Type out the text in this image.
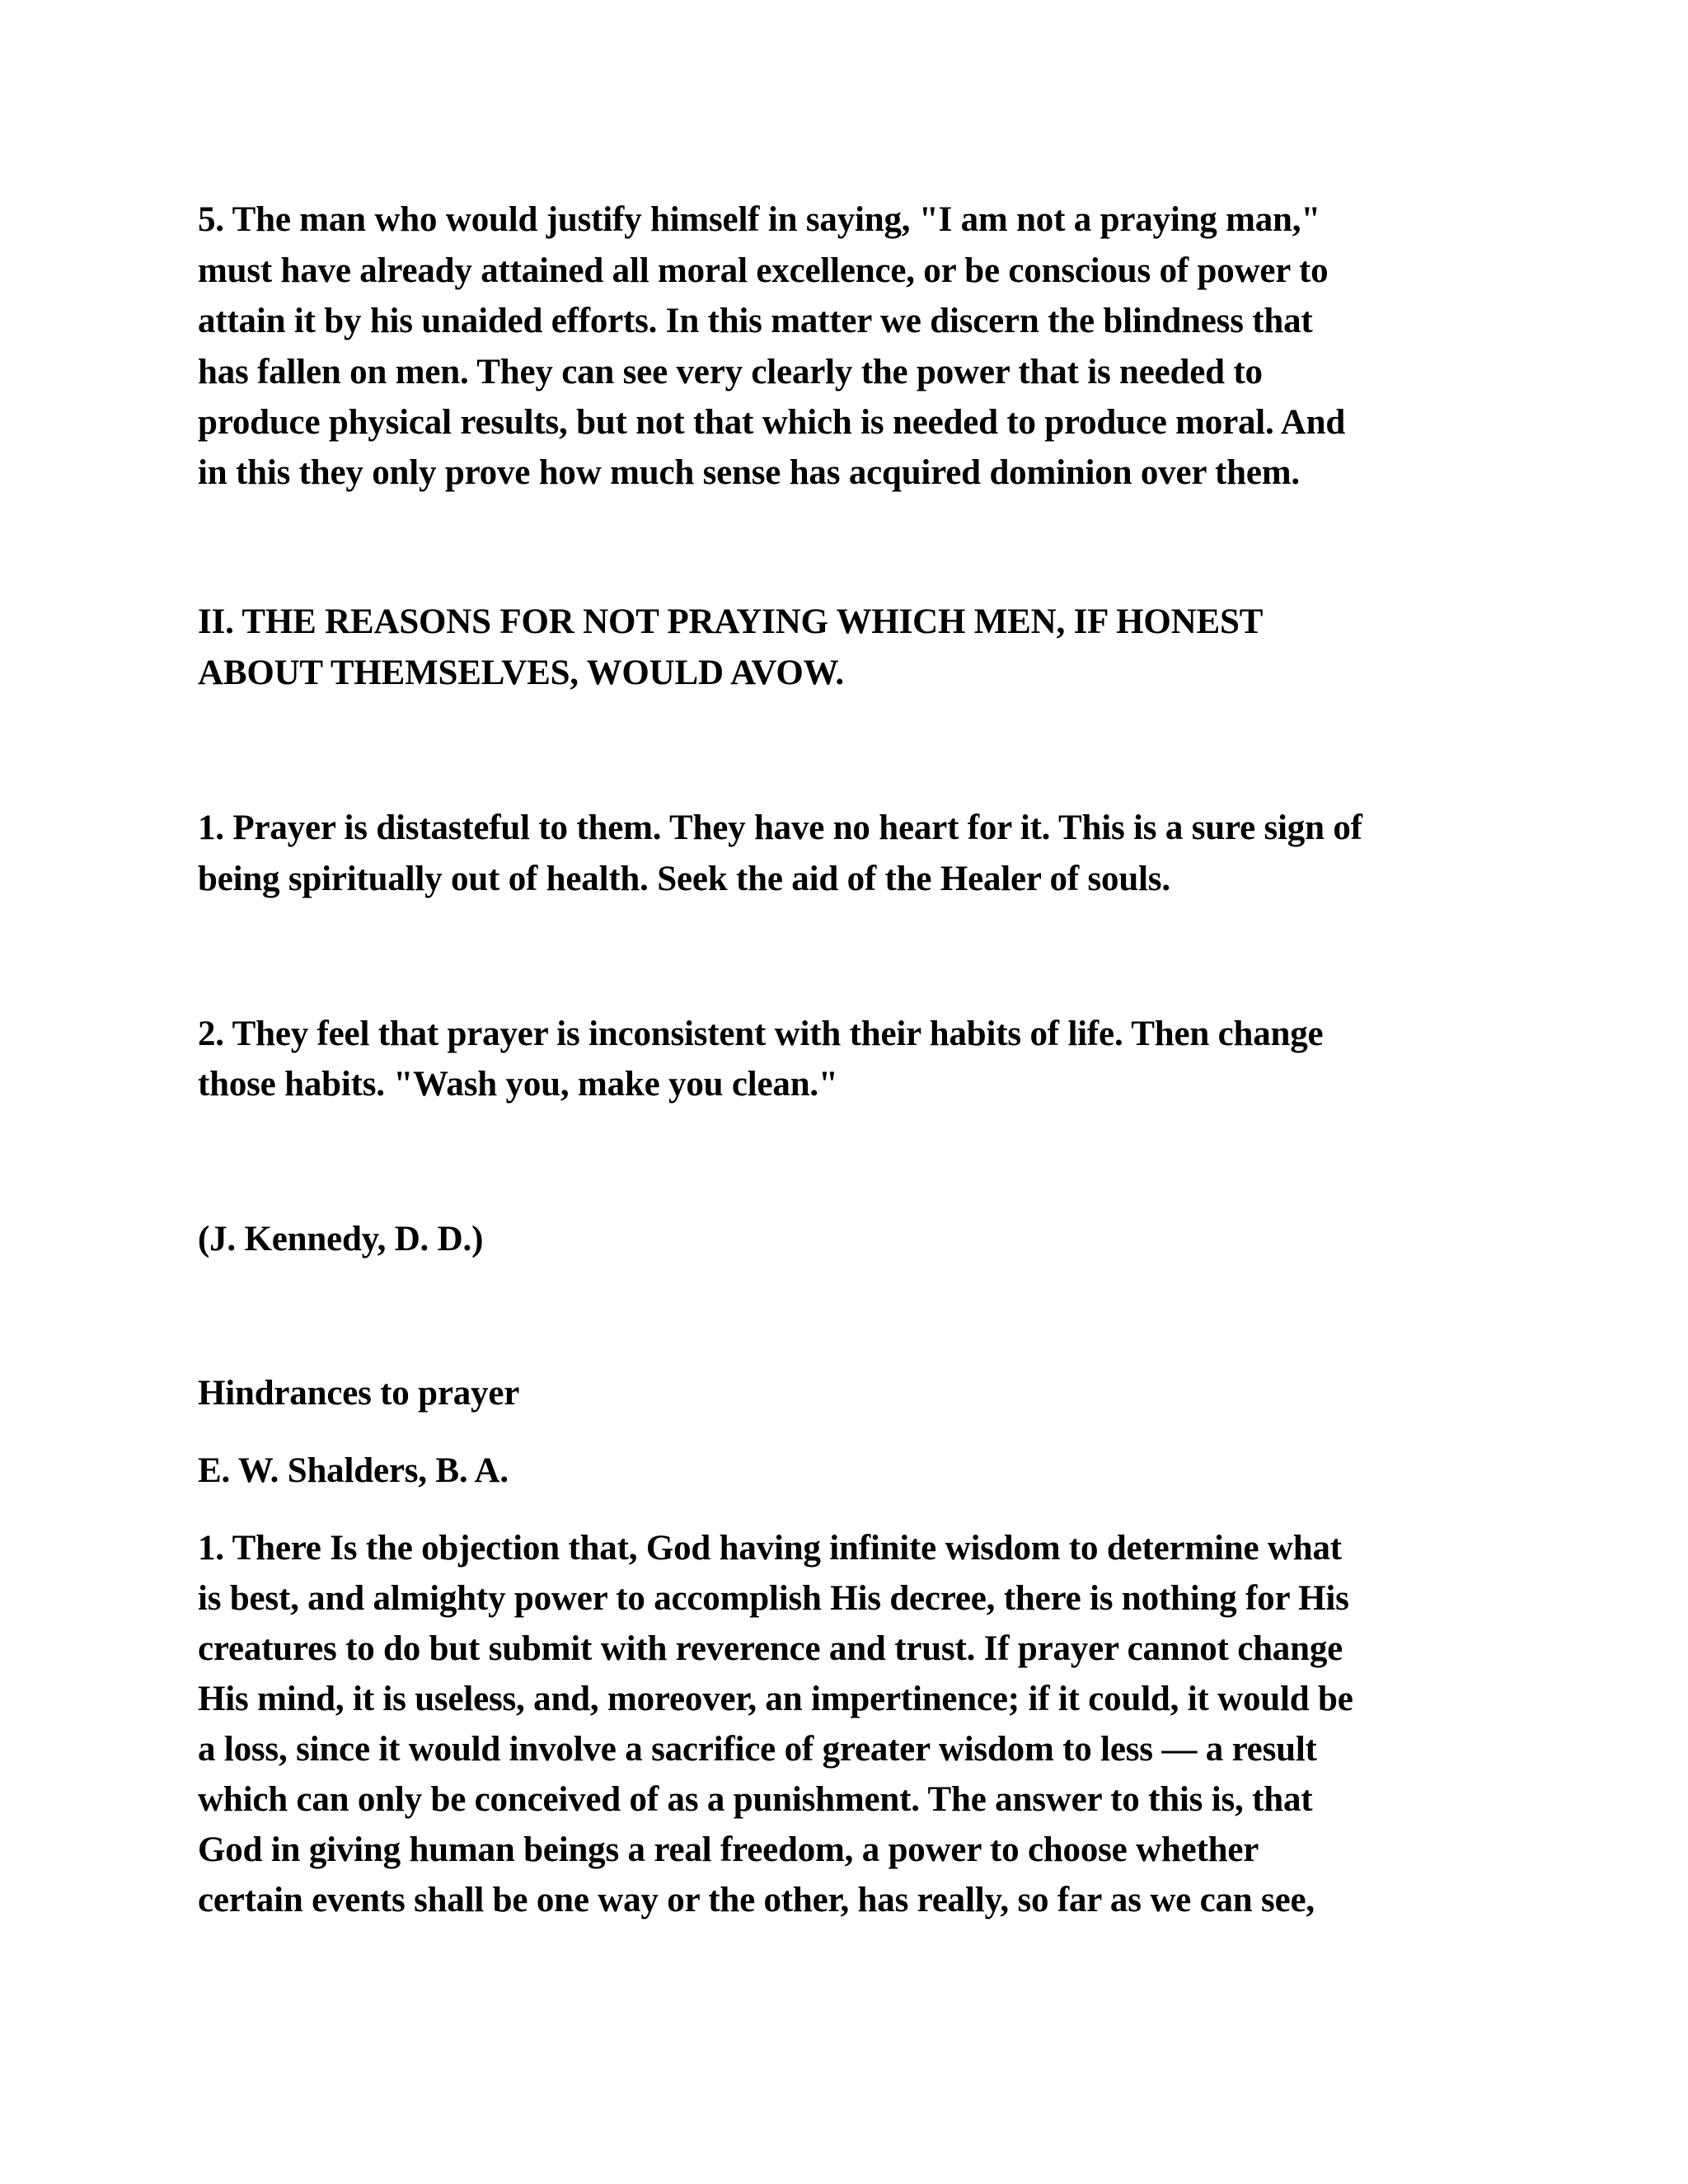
5. The man who would justify himself in saying, "I am not a praying man,"

must have already attained all moral excellence, or be conscious of power to

attain it by his unaided efforts. In this matter we discern the blindness that

has fallen on men. They can see very clearly the power that is needed to

produce physical results, but not that which is needed to produce moral. And

in this they only prove how much sense has acquired dominion over them.

II. THE REASONS FOR NOT PRAYING WHICH MEN, IF HONEST

ABOUT THEMSELVES, WOULD AVOW.

1. Prayer is distasteful to them. They have no heart for it. This is a sure sign of

being spiritually out of health. Seek the aid of the Healer of souls.

2. They feel that prayer is inconsistent with their habits of life. Then change

those habits. "Wash you, make you clean."

(J. Kennedy, D. D.)

Hindrances to prayer

E. W. Shalders, B. A.

1. There Is the objection that, God having infinite wisdom to determine what

is best, and almighty power to accomplish His decree, there is nothing for His

creatures to do but submit with reverence and trust. If prayer cannot change

His mind, it is useless, and, moreover, an impertinence; if it could, it would be

a loss, since it would involve a sacrifice of greater wisdom to less — a result

which can only be conceived of as a punishment. The answer to this is, that

God in giving human beings a real freedom, a power to choose whether

certain events shall be one way or the other, has really, so far as we can see,
